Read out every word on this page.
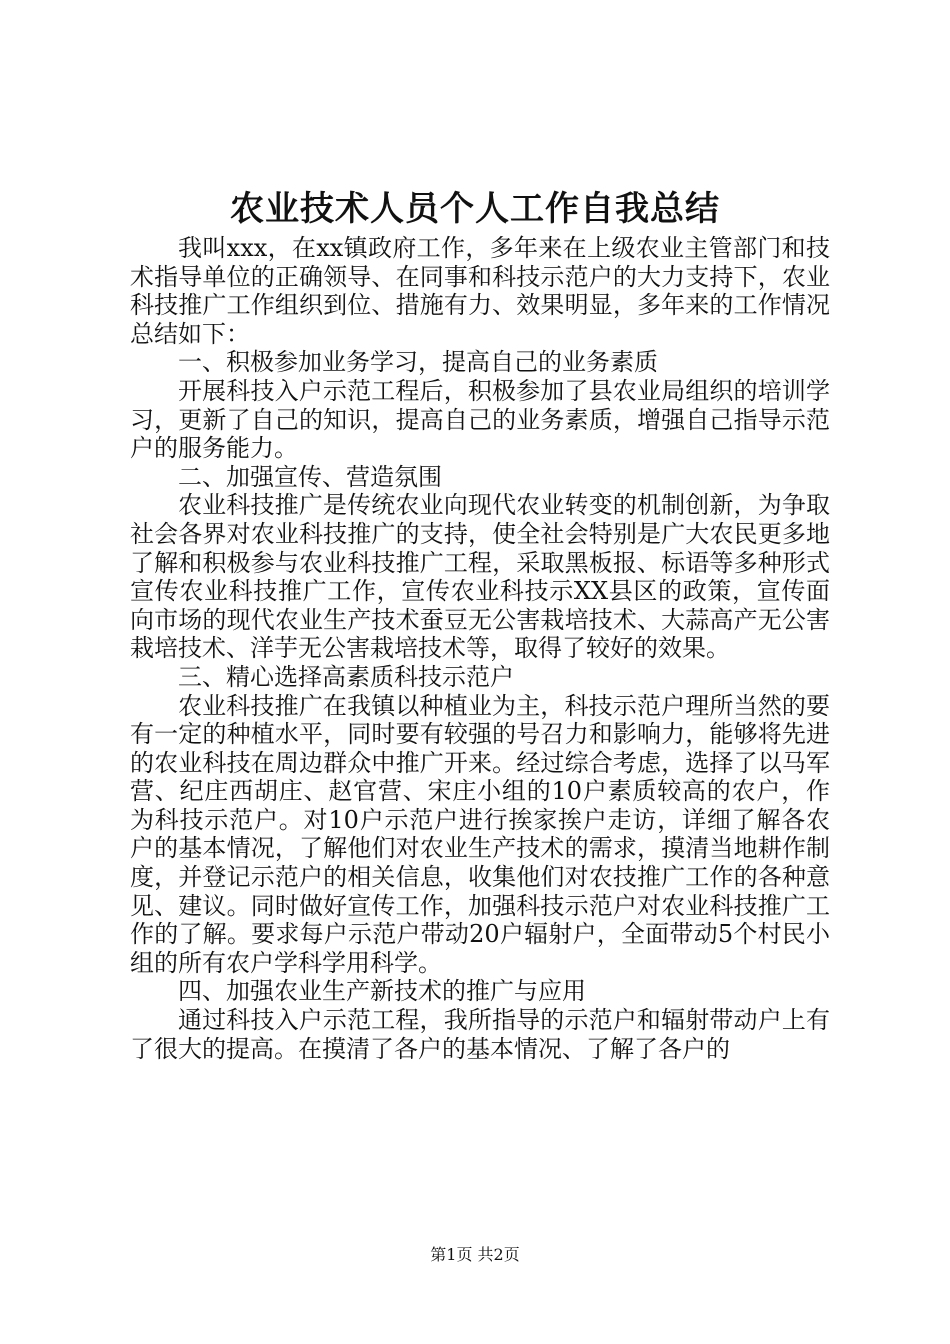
农业技术人员个人工作自我总结

我叫xxx，在xx镇政府工作，多年来在上级农业主管部门和技术指导单位的正确领导、在同事和科技示范户的大力支持下，农业科技推广工作组织到位、措施有力、效果明显，多年来的工作情况总结如下：

一、积极参加业务学习，提高自己的业务素质

开展科技入户示范工程后，积极参加了县农业局组织的培训学习，更新了自己的知识，提高自己的业务素质，增强自己指导示范户的服务能力。

二、加强宣传、营造氛围

农业科技推广是传统农业向现代农业转变的机制创新，为争取社会各界对农业科技推广的支持，使全社会特别是广大农民更多地了解和积极参与农业科技推广工程，采取黑板报、标语等多种形式宣传农业科技推广工作，宣传农业科技示XX县区的政策，宣传面向市场的现代农业生产技术蚕豆无公害栽培技术、大蒜高产无公害栽培技术、洋芋无公害栽培技术等，取得了较好的效果。

三、精心选择高素质科技示范户

农业科技推广在我镇以种植业为主，科技示范户理所当然的要有一定的种植水平，同时要有较强的号召力和影响力，能够将先进的农业科技在周边群众中推广开来。经过综合考虑，选择了以马军营、纪庄西胡庄、赵官营、宋庄小组的10户素质较高的农户，作为科技示范户。对10户示范户进行挨家挨户走访，详细了解各农户的基本情况，了解他们对农业生产技术的需求，摸清当地耕作制度，并登记示范户的相关信息，收集他们对农技推广工作的各种意见、建议。同时做好宣传工作，加强科技示范户对农业科技推广工作的了解。要求每户示范户带动20户辐射户，全面带动5个村民小组的所有农户学科学用科学。

四、加强农业生产新技术的推广与应用

通过科技入户示范工程，我所指导的示范户和辐射带动户上有了很大的提高。在摸清了各户的基本情况、了解了各户的

第1页 共2页
